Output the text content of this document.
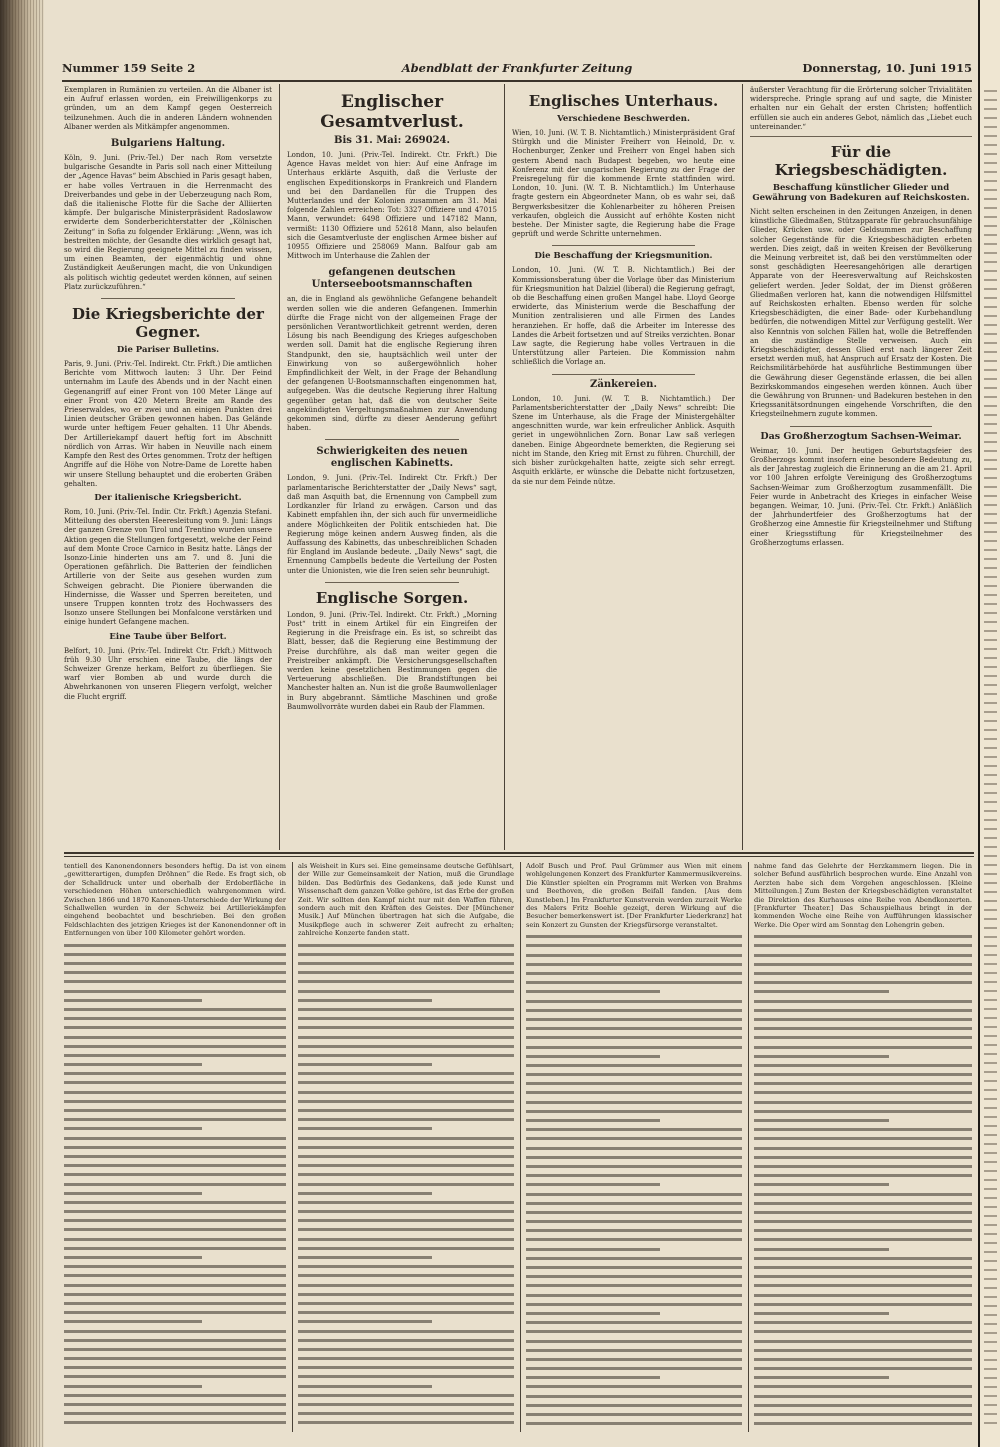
Nummer 159 Seite 2	Abendblatt der Frankfurter Zeitung	Donnerstag, 10. Juni 1915

Exemplaren in Rumänien zu verteilen. An die Albaner ist ein Aufruf erlassen worden, ein Freiwilligenkorps zu gründen, um an dem Kampf gegen Oesterreich teilzunehmen. Auch die in anderen Ländern wohnenden Albaner werden als Mitkämpfer angenommen.

Bulgariens Haltung.

Köln, 9. Juni. (Priv.-Tel.) Der nach Rom versetzte bulgarische Gesandte in Paris soll nach einer Mitteilung der „Agence Havas“ beim Abschied in Paris gesagt haben, er habe volles Vertrauen in die Herrenmacht des Dreiverbandes und gebe in der Ueberzeugung nach Rom, daß die italienische Flotte für die Sache der Alliierten kämpfe. Der bulgarische Ministerpräsident Radoslawow erwiderte dem Sonderberichterstatter der „Kölnischen Zeitung“ in Sofia zu folgender Erklärung: „Wenn, was ich bestreiten möchte, der Gesandte dies wirklich gesagt hat, so wird die Regierung geeignete Mittel zu finden wissen, um einen Beamten, der eigenmächtig und ohne Zuständigkeit Aeußerungen macht, die von Unkundigen als politisch wichtig gedeutet werden können, auf seinen Platz zurückzuführen.“

Die Kriegsberichte der Gegner.
Die Pariser Bulletins.

Paris, 9. Juni. (Priv.-Tel. Indirekt. Ctr. Frkft.) Die amtlichen Berichte vom Mittwoch lauten: 3 Uhr. Der Feind unternahm im Laufe des Abends und in der Nacht einen Gegenangriff auf einer Front von 100 Meter Länge auf einer Front von 420 Metern Breite am Rande des Prieserwaldes, wo er zwei und an einigen Punkten drei Linien deutscher Gräben gewonnen haben. Das Gelände wurde unter heftigem Feuer gehalten. 11 Uhr Abends. Der Artilleriekampf dauert heftig fort im Abschnitt nördlich von Arras. Wir haben in Neuville nach einem Kampfe den Rest des Ortes genommen. Trotz der heftigen Angriffe auf die Höhe von Notre-Dame de Lorette haben wir unsere Stellung behauptet und die eroberten Gräben gehalten.

Der italienische Kriegsbericht.

Rom, 10. Juni. (Priv.-Tel. Indir. Ctr. Frkft.) Agenzia Stefani. Mitteilung des obersten Heeresleitung vom 9. Juni: Längs der ganzen Grenze von Tirol und Trentino wurden unsere Aktion gegen die Stellungen fortgesetzt, welche der Feind auf dem Monte Croce Carnico in Besitz hatte. Längs der Isonzo-Linie hinderten uns am 7. und 8. Juni die Operationen gefährlich. Die Batterien der feindlichen Artillerie von der Seite aus gesehen wurden zum Schweigen gebracht. Die Pioniere überwanden die Hindernisse, die Wasser und Sperren bereiteten, und unsere Truppen konnten trotz des Hochwassers des Isonzo unsere Stellungen bei Monfalcone verstärken und einige hundert Gefangene machen.

Eine Taube über Belfort.

Belfort, 10. Juni. (Priv.-Tel. Indirekt Ctr. Frkft.) Mittwoch früh 9.30 Uhr erschien eine Taube, die längs der Schweizer Grenze herkam, Belfort zu überfliegen. Sie warf vier Bomben ab und wurde durch die Abwehrkanonen von unseren Fliegern verfolgt, welcher die Flucht ergriff.

Englischer Gesamtverlust.
Bis 31. Mai: 269024.

London, 10. Juni. (Priv.-Tel. Indirekt. Ctr. Frkft.) Die Agence Havas meldet von hier: Auf eine Anfrage im Unterhaus erklärte Asquith, daß die Verluste der englischen Expeditionskorps in Frankreich und Flandern und bei den Dardanellen für die Truppen des Mutterlandes und der Kolonien zusammen am 31. Mai folgende Zahlen erreichen: Tot: 3327 Offiziere und 47015 Mann, verwundet: 6498 Offiziere und 147182 Mann, vermißt: 1130 Offiziere und 52618 Mann, also belaufen sich die Gesamtverluste der englischen Armee bisher auf 10955 Offiziere und 258069 Mann. Balfour gab am Mittwoch im Unterhause die Zahlen der

gefangenen deutschen Unterseebootsmannschaften

an, die in England als gewöhnliche Gefangene behandelt werden sollen wie die anderen Gefangenen. Immerhin dürfte die Frage nicht von der allgemeinen Frage der persönlichen Verantwortlichkeit getrennt werden, deren Lösung bis nach Beendigung des Krieges aufgeschoben werden soll. Damit hat die englische Regierung ihren Standpunkt, den sie, hauptsächlich weil unter der Einwirkung von so außergewöhnlich hoher Empfindlichkeit der Welt, in der Frage der Behandlung der gefangenen U-Bootsmannschaften eingenommen hat, aufgegeben. Was die deutsche Regierung ihrer Haltung gegenüber getan hat, daß die von deutscher Seite angekündigten Vergeltungsmaßnahmen zur Anwendung gekommen sind, dürfte zu dieser Aenderung geführt haben.

Schwierigkeiten des neuen englischen Kabinetts.

London, 9. Juni. (Priv.-Tel. Indirekt Ctr. Frkft.) Der parlamentarische Berichterstatter der „Daily News“ sagt, daß man Asquith bat, die Ernennung von Campbell zum Lordkanzler für Irland zu erwägen. Carson und das Kabinett empfahlen ihn, der sich auch für unvermeidliche andere Möglichkeiten der Politik entschieden hat. Die Regierung möge keinen andern Ausweg finden, als die Auffassung des Kabinetts, das unbeschreiblichen Schaden für England im Auslande bedeute. „Daily News“ sagt, die Ernennung Campbells bedeute die Verteilung der Posten unter die Unionisten, wie die Iren seien sehr beunruhigt.

Englische Sorgen.

London, 9. Juni. (Priv.-Tel. Indirekt. Ctr. Frkft.) „Morning Post“ tritt in einem Artikel für ein Eingreifen der Regierung in die Preisfrage ein. Es ist, so schreibt das Blatt, besser, daß die Regierung eine Bestimmung der Preise durchführe, als daß man weiter gegen die Preistreiber ankämpft. Die Versicherungsgesellschaften werden keine gesetzlichen Bestimmungen gegen die Verteuerung abschließen. Die Brandstiftungen bei Manchester halten an. Nun ist die große Baumwollenlager in Bury abgebrannt. Sämtliche Maschinen und große Baumwollvorräte wurden dabei ein Raub der Flammen.

Englisches Unterhaus.
Verschiedene Beschwerden.

Wien, 10. Juni. (W. T. B. Nichtamtlich.) Ministerpräsident Graf Stürgkh und die Minister Freiherr von Heinold, Dr. v. Hochenburger, Zenker und Freiherr von Engel haben sich gestern Abend nach Budapest begeben, wo heute eine Konferenz mit der ungarischen Regierung zu der Frage der Preisregelung für die kommende Ernte stattfinden wird. London, 10. Juni. (W. T. B. Nichtamtlich.) Im Unterhause fragte gestern ein Abgeordneter Mann, ob es wahr sei, daß Bergwerksbesitzer die Kohlenarbeiter zu höheren Preisen verkaufen, obgleich die Aussicht auf erhöhte Kosten nicht bestehe. Der Minister sagte, die Regierung habe die Frage geprüft und werde Schritte unternehmen.

Die Beschaffung der Kriegsmunition.

London, 10. Juni. (W. T. B. Nichtamtlich.) Bei der Kommissionsberatung über die Vorlage über das Ministerium für Kriegsmunition hat Dalziel (liberal) die Regierung gefragt, ob die Beschaffung einen großen Mangel habe. Lloyd George erwiderte, das Ministerium werde die Beschaffung der Munition zentralisieren und alle Firmen des Landes heranziehen. Er hoffe, daß die Arbeiter im Interesse des Landes die Arbeit fortsetzen und auf Streiks verzichten. Bonar Law sagte, die Regierung habe volles Vertrauen in die Unterstützung aller Parteien. Die Kommission nahm schließlich die Vorlage an.

Zänkereien.

London, 10. Juni. (W. T. B. Nichtamtlich.) Der Parlamentsberichterstatter der „Daily News“ schreibt: Die Szene im Unterhause, als die Frage der Ministergehälter angeschnitten wurde, war kein erfreulicher Anblick. Asquith geriet in ungewöhnlichen Zorn. Bonar Law saß verlegen daneben. Einige Abgeordnete bemerkten, die Regierung sei nicht im Stande, den Krieg mit Ernst zu führen. Churchill, der sich bisher zurückgehalten hatte, zeigte sich sehr erregt. Asquith erklärte, er wünsche die Debatte nicht fortzusetzen, da sie nur dem Feinde nütze.

äußerster Verachtung für die Erörterung solcher Trivialitäten widerspreche. Pringle sprang auf und sagte, die Minister erhalten nur ein Gehalt der ersten Christen; hoffentlich erfüllen sie auch ein anderes Gebot, nämlich das „Liebet euch untereinander.“

Für die Kriegsbeschädigten.
Beschaffung künstlicher Glieder und Gewährung von Badekuren auf Reichskosten.

Nicht selten erscheinen in den Zeitungen Anzeigen, in denen künstliche Gliedmaßen, Stützapparate für gebrauchsunfähige Glieder, Krücken usw. oder Geldsummen zur Beschaffung solcher Gegenstände für die Kriegsbeschädigten erbeten werden. Dies zeigt, daß in weiten Kreisen der Bevölkerung die Meinung verbreitet ist, daß bei den verstümmelten oder sonst geschädigten Heeresangehörigen alle derartigen Apparate von der Heeresverwaltung auf Reichskosten geliefert werden. Jeder Soldat, der im Dienst größeren Gliedmaßen verloren hat, kann die notwendigen Hilfsmittel auf Reichskosten erhalten. Ebenso werden für solche Kriegsbeschädigten, die einer Bade- oder Kurbehandlung bedürfen, die notwendigen Mittel zur Verfügung gestellt. Wer also Kenntnis von solchen Fällen hat, wolle die Betreffenden an die zuständige Stelle verweisen. Auch ein Kriegsbeschädigter, dessen Glied erst nach längerer Zeit ersetzt werden muß, hat Anspruch auf Ersatz der Kosten. Die Reichsmilitärbehörde hat ausführliche Bestimmungen über die Gewährung dieser Gegenstände erlassen, die bei allen Bezirkskommandos eingesehen werden können. Auch über die Gewährung von Brunnen- und Badekuren bestehen in den Kriegssanitätsordnungen eingehende Vorschriften, die den Kriegsteilnehmern zugute kommen.

Das Großherzogtum Sachsen-Weimar.

Weimar, 10. Juni. Der heutigen Geburtstagsfeier des Großherzogs kommt insofern eine besondere Bedeutung zu, als der Jahrestag zugleich die Erinnerung an die am 21. April vor 100 Jahren erfolgte Vereinigung des Großherzogtums Sachsen-Weimar zum Großherzogtum zusammenfällt. Die Feier wurde in Anbetracht des Krieges in einfacher Weise begangen. Weimar, 10. Juni. (Priv.-Tel. Ctr. Frkft.) Anläßlich der Jahrhundertfeier des Großherzogtums hat der Großherzog eine Amnestie für Kriegsteilnehmer und Stiftung einer Kriegsstiftung für Kriegsteilnehmer des Großherzogtums erlassen.

tentiell des Kanonendonners besonders heftig. Da ist von einem „gewitterartigen, dumpfen Dröhnen“ die Rede. Es fragt sich, ob der Schalldruck unter und oberhalb der Erdoberfläche in verschiedenen Höhen unterschiedlich wahrgenommen wird. Zwischen 1866 und 1870 Kanonen-Unterschiede der Wirkung der Schallwellen wurden in der Schweiz bei Artilleriekämpfen eingehend beobachtet und beschrieben. Bei den großen Feldschlachten des jetzigen Krieges ist der Kanonendonner oft in Entfernungen von über 100 Kilometer gehört worden.

als Weisheit in Kurs sei. Eine gemeinsame deutsche Gefühlsart, der Wille zur Gemeinsamkeit der Nation, muß die Grundlage bilden. Das Bedürfnis des Gedankens, daß jede Kunst und Wissenschaft dem ganzen Volke gehöre, ist das Erbe der großen Zeit. Wir sollten den Kampf nicht nur mit den Waffen führen, sondern auch mit den Kräften des Geistes. Der [Münchener Musik.] Auf München übertragen hat sich die Aufgabe, die Musikpflege auch in schwerer Zeit aufrecht zu erhalten; zahlreiche Konzerte fanden statt.

Adolf Busch und Prof. Paul Grümmer aus Wien mit einem wohlgelungenen Konzert des Frankfurter Kammermusikvereins. Die Künstler spielten ein Programm mit Werken von Brahms und Beethoven, die großen Beifall fanden. [Aus dem Kunstleben.] Im Frankfurter Kunstverein werden zurzeit Werke des Malers Fritz Boehle gezeigt, deren Wirkung auf die Besucher bemerkenswert ist. [Der Frankfurter Liederkranz] hat sein Konzert zu Gunsten der Kriegsfürsorge veranstaltet.

nahme fand das Gelehrte der Herzkammern liegen. Die in solcher Befund ausführlich besprochen wurde. Eine Anzahl von Aerzten habe sich dem Vorgehen angeschlossen. [Kleine Mitteilungen.] Zum Besten der Kriegsbeschädigten veranstaltet die Direktion des Kurhauses eine Reihe von Abendkonzerten. [Frankfurter Theater.] Das Schauspielhaus bringt in der kommenden Woche eine Reihe von Aufführungen klassischer Werke. Die Oper wird am Sonntag den Lohengrin geben.
